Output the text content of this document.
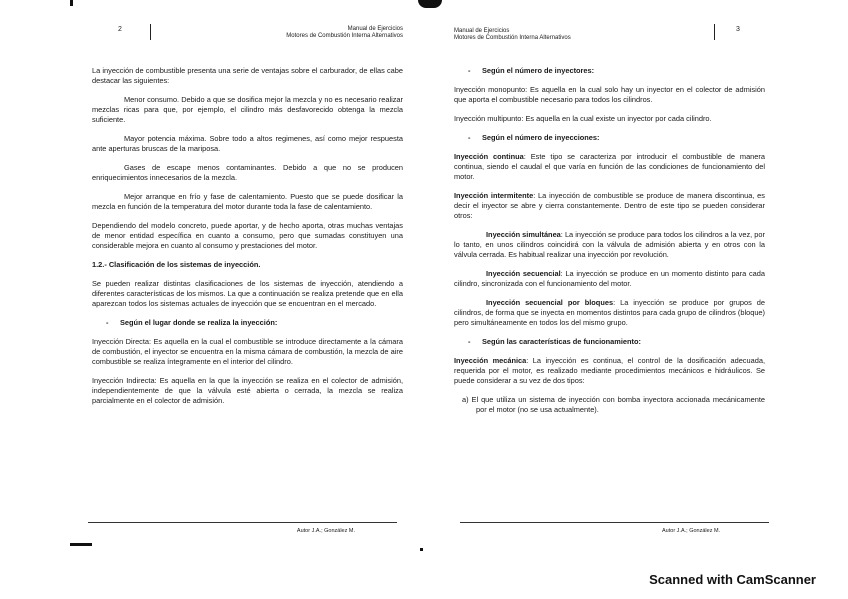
2	Manual de Ejercicios
Motores de Combustión Interna Alternativos

La inyección de combustible presenta una serie de ventajas sobre el carburador, de ellas cabe destacar las siguientes:

Menor consumo. Debido a que se dosifica mejor la mezcla y no es necesario realizar mezclas ricas para que, por ejemplo, el cilindro más desfavorecido obtenga la mezcla suficiente.

Mayor potencia máxima. Sobre todo a altos regimenes, así como mejor respuesta ante aperturas bruscas de la mariposa.

Gases de escape menos contaminantes. Debido a que no se producen enriquecimientos innecesarios de la mezcla.

Mejor arranque en frío y fase de calentamiento. Puesto que se puede dosificar la mezcla en función de la temperatura del motor durante toda la fase de calentamiento.

Dependiendo del modelo concreto, puede aportar, y de hecho aporta, otras muchas ventajas de menor entidad específica en cuanto a consumo, pero que sumadas constituyen una considerable mejora en cuanto al consumo y prestaciones del motor.

1.2.- Clasificación de los sistemas de inyección.

Se pueden realizar distintas clasificaciones de los sistemas de inyección, atendiendo a diferentes características de los mismos. La que a continuación se realiza pretende que en ella aparezcan todos los sistemas actuales de inyección que se encuentran en el mercado.

- Según el lugar donde se realiza la inyección:

Inyección Directa: Es aquella en la cual el combustible se introduce directamente a la cámara de combustión, el inyector se encuentra en la misma cámara de combustión, la mezcla de aire combustible se realiza íntegramente en el interior del cilindro.

Inyección Indirecta: Es aquella en la que la inyección se realiza en el colector de admisión, independientemente de que la válvula esté abierta o cerrada, la mezcla se realiza parcialmente en el colector de admisión.

Autor J.A.; González M.
Manual de Ejercicios
Motores de Combustión Interna Alternativos
3
- Según el número de inyectores:

Inyección monopunto: Es aquella en la cual solo hay un inyector en el colector de admisión que aporta el combustible necesario para todos los cilindros.

Inyección multipunto: Es aquella en la cual existe un inyector por cada cilindro.

- Según el número de inyecciones:

Inyección continua: Este tipo se caracteriza por introducir el combustible de manera continua, siendo el caudal el que varía en función de las condiciones de funcionamiento del motor.

Inyección intermitente: La inyección de combustible se produce de manera discontinua, es decir el inyector se abre y cierra constantemente. Dentro de este tipo se pueden considerar otros:

Inyección simultánea: La inyección se produce para todos los cilindros a la vez, por lo tanto, en unos cilindros coincidirá con la válvula de admisión abierta y en otros con la válvula cerrada. Es habitual realizar una inyección por revolución.

Inyección secuencial: La inyección se produce en un momento distinto para cada cilindro, sincronizada con el funcionamiento del motor.

Inyección secuencial por bloques: La inyección se produce por grupos de cilindros, de forma que se inyecta en momentos distintos para cada grupo de cilindros (bloque) pero simultáneamente en todos los del mismo grupo.

- Según las características de funcionamiento:

Inyección mecánica: La inyección es continua, el control de la dosificación adecuada, requerida por el motor, es realizado mediante procedimientos mecánicos e hidráulicos. Se puede considerar a su vez de dos tipos:

a) El que utiliza un sistema de inyección con bomba inyectora accionada mecánicamente por el motor (no se usa actualmente).

Autor J.A.; González M.
Scanned with CamScanner
